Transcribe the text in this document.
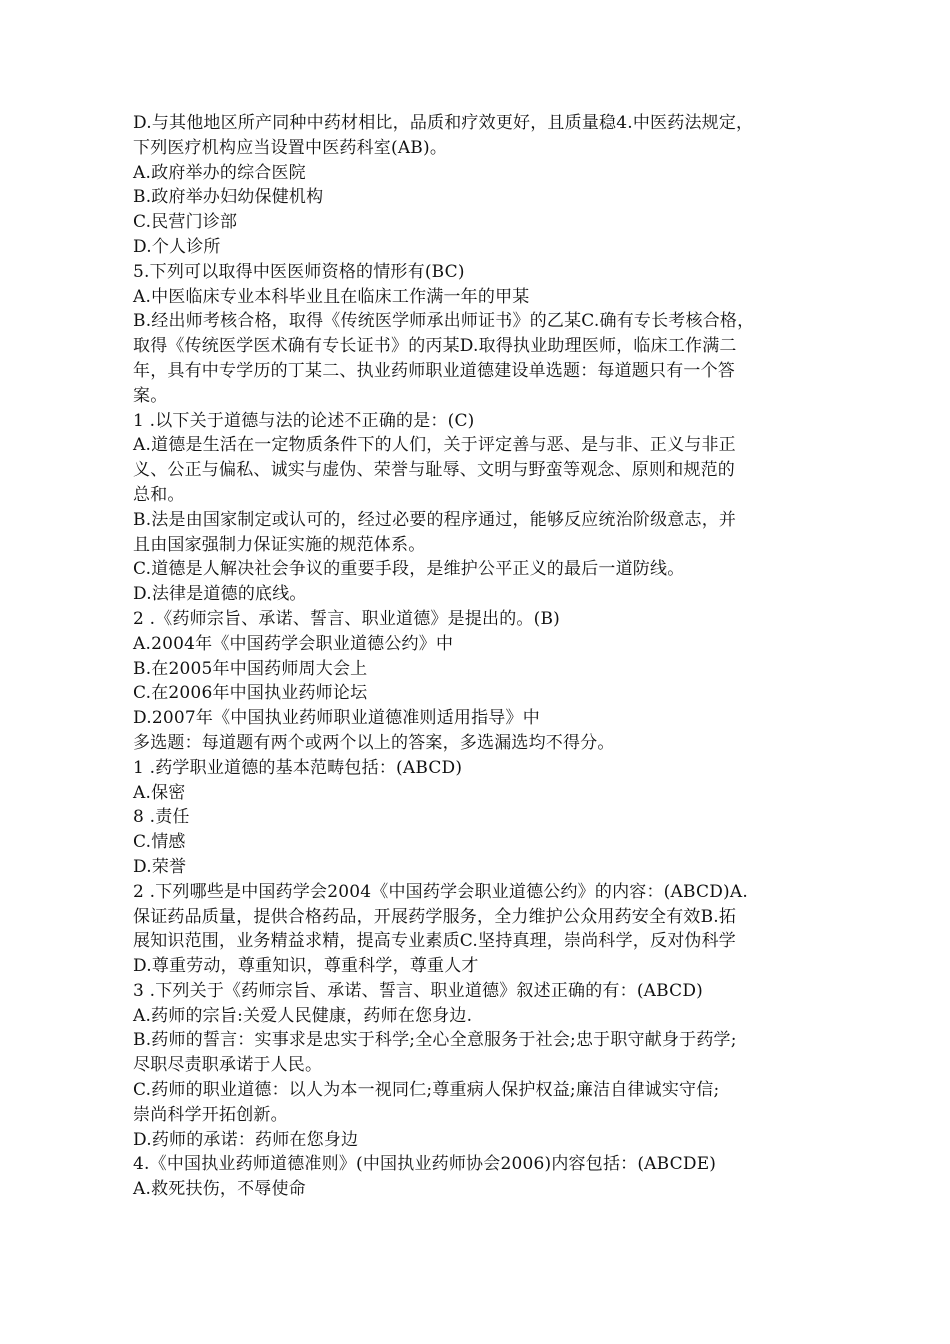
D.与其他地区所产同种中药材相比，品质和疗效更好，且质量稳4.中医药法规定，
下列医疗机构应当设置中医药科室(AB)。
A.政府举办的综合医院
B.政府举办妇幼保健机构
C.民营门诊部
D.个人诊所
5.下列可以取得中医医师资格的情形有(BC)
A.中医临床专业本科毕业且在临床工作满一年的甲某
B.经出师考核合格，取得《传统医学师承出师证书》的乙某C.确有专长考核合格，
取得《传统医学医术确有专长证书》的丙某D.取得执业助理医师，临床工作满二
年，具有中专学历的丁某二、执业药师职业道德建设单选题：每道题只有一个答
案。
1 .以下关于道德与法的论述不正确的是：(C)
A.道德是生活在一定物质条件下的人们，关于评定善与恶、是与非、正义与非正
义、公正与偏私、诚实与虚伪、荣誉与耻辱、文明与野蛮等观念、原则和规范的
总和。
B.法是由国家制定或认可的，经过必要的程序通过，能够反应统治阶级意志，并
且由国家强制力保证实施的规范体系。
C.道德是人解决社会争议的重要手段，是维护公平正义的最后一道防线。
D.法律是道德的底线。
2 .《药师宗旨、承诺、誓言、职业道德》是提出的。(B)
A.2004年《中国药学会职业道德公约》中
B.在2005年中国药师周大会上
C.在2006年中国执业药师论坛
D.2007年《中国执业药师职业道德准则适用指导》中
多选题：每道题有两个或两个以上的答案，多选漏选均不得分。
1 .药学职业道德的基本范畴包括：(ABCD)
A.保密
8 .责任
C.情感
D.荣誉
2 .下列哪些是中国药学会2004《中国药学会职业道德公约》的内容：(ABCD)A.
保证药品质量，提供合格药品，开展药学服务，全力维护公众用药安全有效B.拓
展知识范围，业务精益求精，提高专业素质C.坚持真理，崇尚科学，反对伪科学
D.尊重劳动，尊重知识，尊重科学，尊重人才
3 .下列关于《药师宗旨、承诺、誓言、职业道德》叙述正确的有：(ABCD)
A.药师的宗旨:关爱人民健康，药师在您身边.
B.药师的誓言：实事求是忠实于科学;全心全意服务于社会;忠于职守献身于药学;
尽职尽责职承诺于人民。
C.药师的职业道德：以人为本一视同仁;尊重病人保护权益;廉洁自律诚实守信;
崇尚科学开拓创新。
D.药师的承诺：药师在您身边
4.《中国执业药师道德准则》(中国执业药师协会2006)内容包括：(ABCDE)
A.救死扶伤，不辱使命
